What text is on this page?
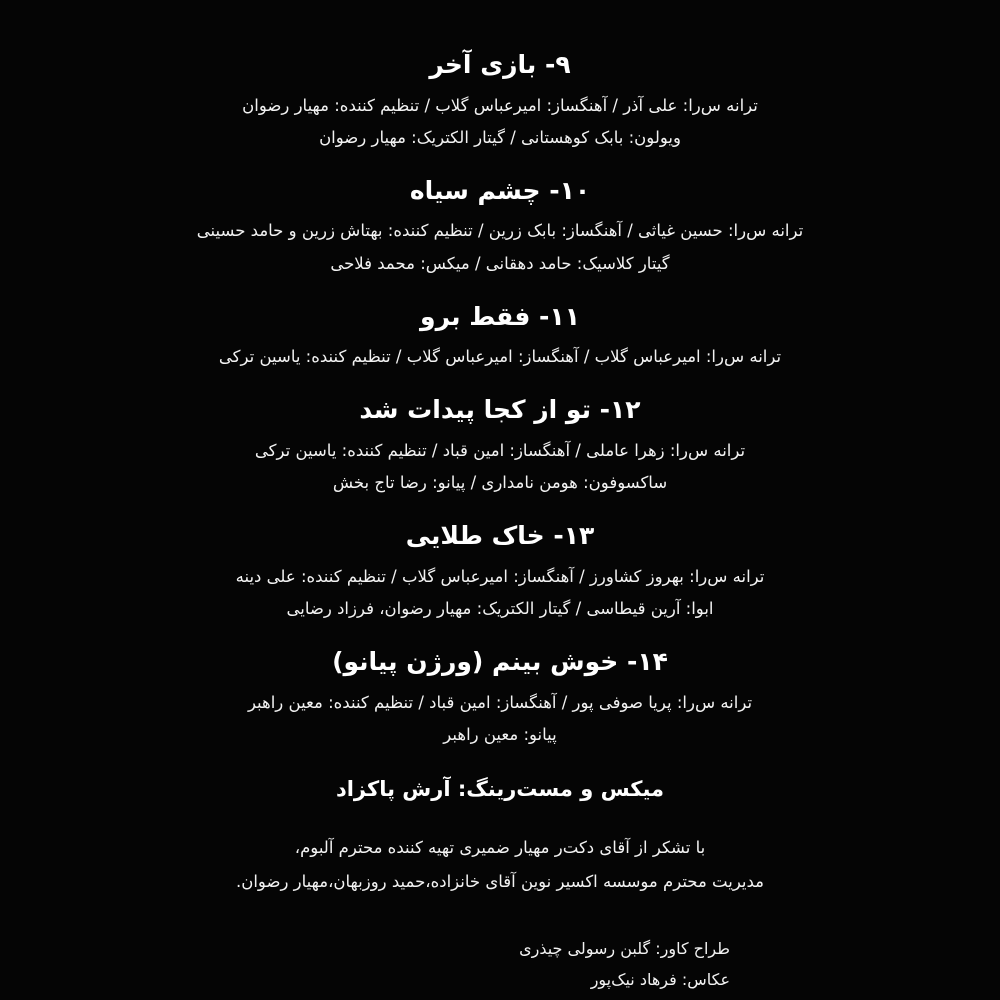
۹- بازی آخر
ترانه س‌را: علی آذر / آهنگساز: امیرعباس گلاب / تنظیم کننده: مهیار رضوان
ویولون: بابک کوهستانی / گیتار الکتریک: مهیار رضوان
۱۰- چشم سیاه
ترانه س‌را: حسین غیاثی / آهنگساز: بابک زرین / تنظیم کننده: بهتاش زرین و حامد حسینی
گیتار کلاسیک: حامد دهقانی / میکس: محمد فلاحی
۱۱- فقط برو
ترانه س‌را: امیرعباس گلاب / آهنگساز: امیرعباس گلاب / تنظیم کننده: یاسین ترکی
۱۲- تو از کجا پیدات شد
ترانه س‌را: زهرا عاملی / آهنگساز: امین قباد / تنظیم کننده: یاسین ترکی
ساکسوفون: هومن نامداری / پیانو: رضا تاج بخش
۱۳- خاک طلایی
ترانه س‌را: بهروز کشاورز / آهنگساز: امیرعباس گلاب / تنظیم کننده: علی دینه
ابوا: آرین قیطاسی / گیتار الکتریک: مهیار رضوان، فرزاد رضایی
۱۴- خوش بینم (ورژن پیانو)
ترانه س‌را: پریا صوفی پور / آهنگساز: امین قباد / تنظیم کننده: معین راهبر
پیانو: معین راهبر
میکس و مست‌رینگ: آرش پاکزاد
با تشکر از آقای دکت‌ر مهیار ضمیری تهیه کننده محترم آلبوم،
مدیریت محترم موسسه اکسیر نوین آقای خانزاده،حمید روزبهان،مهیار رضوان.
طراح کاور: گلبن رسولی چیذری
عکاس: فرهاد نیک‌پور
